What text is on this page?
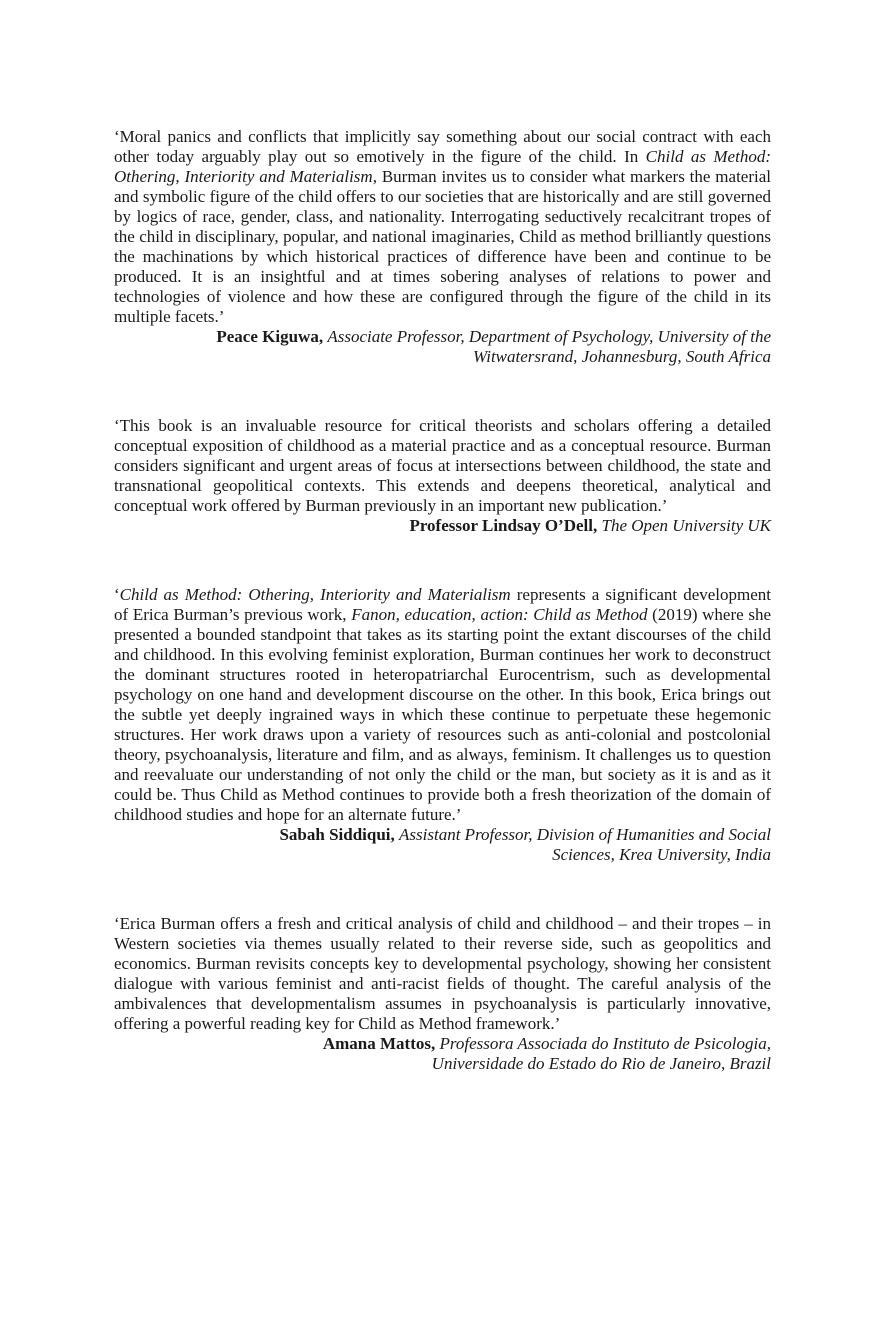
‘Moral panics and conflicts that implicitly say something about our social contract with each other today arguably play out so emotively in the figure of the child. In Child as Method: Othering, Interiority and Materialism, Burman invites us to consider what markers the material and symbolic figure of the child offers to our societies that are historically and are still governed by logics of race, gender, class, and nationality. Interrogating seductively recalcitrant tropes of the child in disciplinary, popular, and national imaginaries, Child as method brilliantly questions the machinations by which historical practices of difference have been and continue to be produced. It is an insightful and at times sobering analyses of relations to power and technologies of violence and how these are configured through the figure of the child in its multiple facets.’

Peace Kiguwa, Associate Professor, Department of Psychology, University of the Witwatersrand, Johannesburg, South Africa

‘This book is an invaluable resource for critical theorists and scholars offering a detailed conceptual exposition of childhood as a material practice and as a conceptual resource. Burman considers significant and urgent areas of focus at intersections between childhood, the state and transnational geopolitical contexts. This extends and deepens theoretical, analytical and conceptual work offered by Burman previously in an important new publication.’

Professor Lindsay O’Dell, The Open University UK

‘Child as Method: Othering, Interiority and Materialism represents a significant development of Erica Burman’s previous work, Fanon, education, action: Child as Method (2019) where she presented a bounded standpoint that takes as its starting point the extant discourses of the child and childhood. In this evolving feminist exploration, Burman continues her work to deconstruct the dominant structures rooted in heteropatriarchal Eurocentrism, such as developmental psychology on one hand and development discourse on the other. In this book, Erica brings out the subtle yet deeply ingrained ways in which these continue to perpetuate these hegemonic structures. Her work draws upon a variety of resources such as anti-colonial and postcolonial theory, psychoanalysis, literature and film, and as always, feminism. It challenges us to question and reevaluate our understanding of not only the child or the man, but society as it is and as it could be. Thus Child as Method continues to provide both a fresh theorization of the domain of childhood studies and hope for an alternate future.’

Sabah Siddiqui, Assistant Professor, Division of Humanities and Social Sciences, Krea University, India

‘Erica Burman offers a fresh and critical analysis of child and childhood – and their tropes – in Western societies via themes usually related to their reverse side, such as geopolitics and economics. Burman revisits concepts key to developmental psychology, showing her consistent dialogue with various feminist and anti-racist fields of thought. The careful analysis of the ambivalences that developmentalism assumes in psychoanalysis is particularly innovative, offering a powerful reading key for Child as Method framework.’

Amana Mattos, Professora Associada do Instituto de Psicologia, Universidade do Estado do Rio de Janeiro, Brazil
